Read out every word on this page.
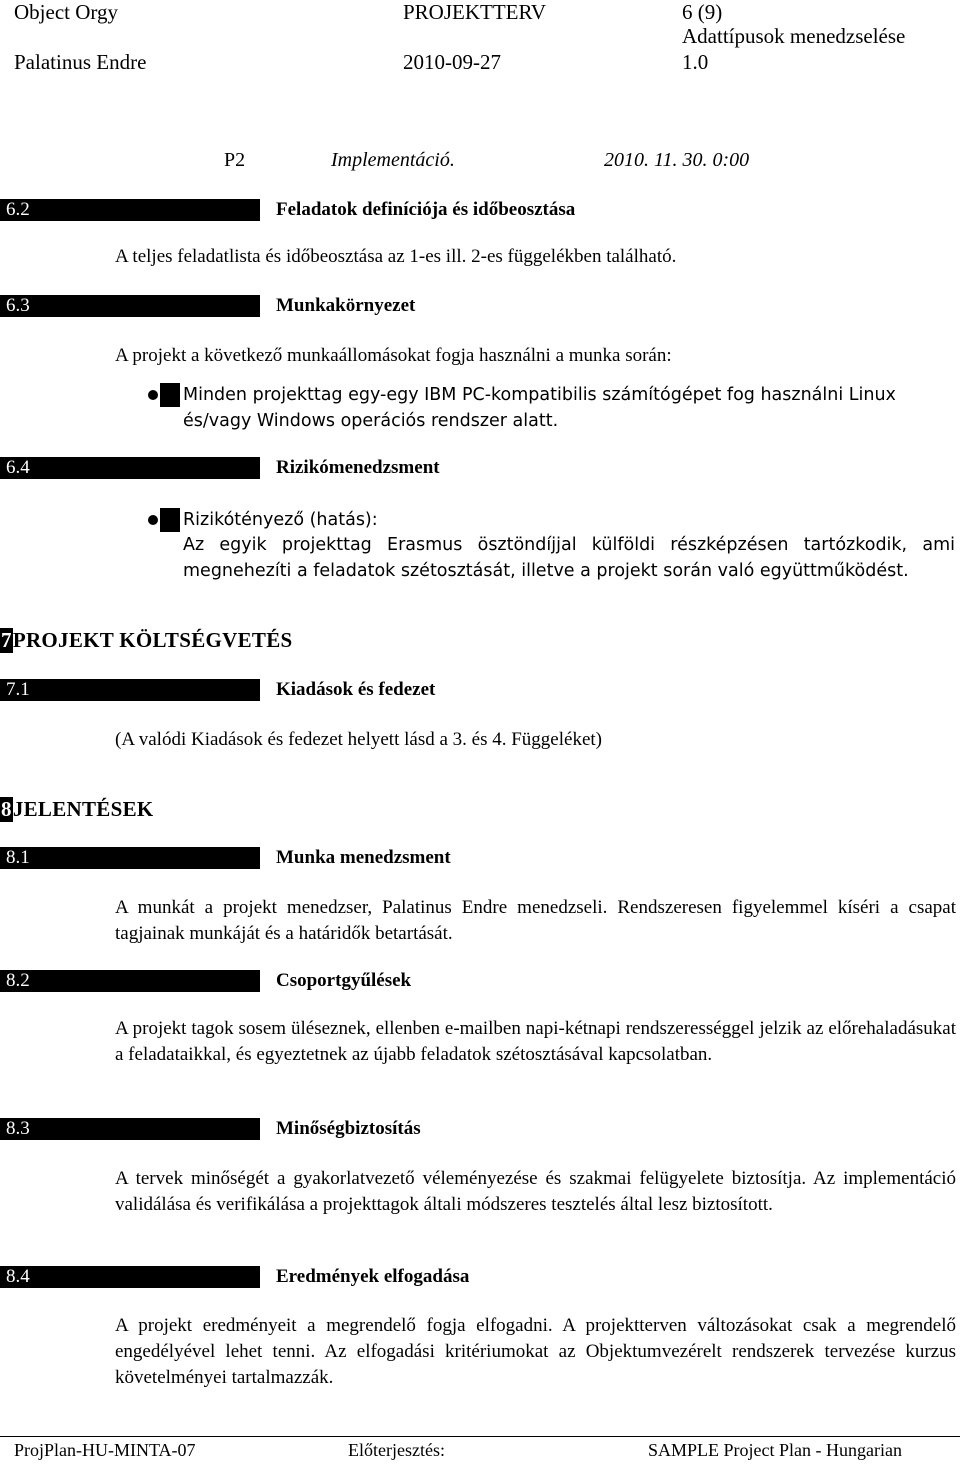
Object Orgy	PROJEKTTERV	6 (9)
Adattípusok menedzselése
Palatinus Endre	2010-09-27	1.0
P2	Implementáció.	2010. 11. 30. 0:00
6.2	Feladatok definíciója és időbeosztása
A teljes feladatlista és időbeosztása az 1-es ill. 2-es függelékben található.
6.3	Munkakörnyezet
A projekt a következő munkaállomásokat fogja használni a munka során:
Minden projekttag egy-egy IBM PC-kompatibilis számítógépet fog használni Linux
és/vagy Windows operációs rendszer alatt.
6.4	Rizikómenedzsment
Rizikótényező (hatás):

Az egyik projekttag Erasmus ösztöndíjjal külföldi részképzésen tartózkodik, ami megnehezíti a feladatok szétosztását, illetve a projekt során való együttműködést.

7PROJEKT KÖLTSÉGVETÉS
7.1	Kiadások és fedezet
(A valódi Kiadások és fedezet helyett lásd a 3. és 4. Függeléket)
8JELENTÉSEK
8.1	Munka menedzsment

A munkát a projekt menedzser, Palatinus Endre menedzseli. Rendszeresen figyelemmel kíséri a csapat tagjainak munkáját és a határidők betartását.

8.2	Csoportgyűlések

A projekt tagok sosem üléseznek, ellenben e-mailben napi-kétnapi rendszerességgel jelzik az előrehaladásukat a feladataikkal, és egyeztetnek az újabb feladatok szétosztásával kapcsolatban.

8.3	Minőségbiztosítás

A tervek minőségét a gyakorlatvezető véleményezése és szakmai felügyelete biztosítja. Az implementáció validálása és verifikálása a projekttagok általi módszeres tesztelés által lesz biztosított.

8.4	Eredmények elfogadása

A projekt eredményeit a megrendelő fogja elfogadni. A projektterven változásokat csak a megrendelő engedélyével lehet tenni. Az elfogadási kritériumokat az Objektumvezérelt rendszerek tervezése kurzus követelményei tartalmazzák.

ProjPlan-HU-MINTA-07	Előterjesztés:	SAMPLE Project Plan - Hungarian
